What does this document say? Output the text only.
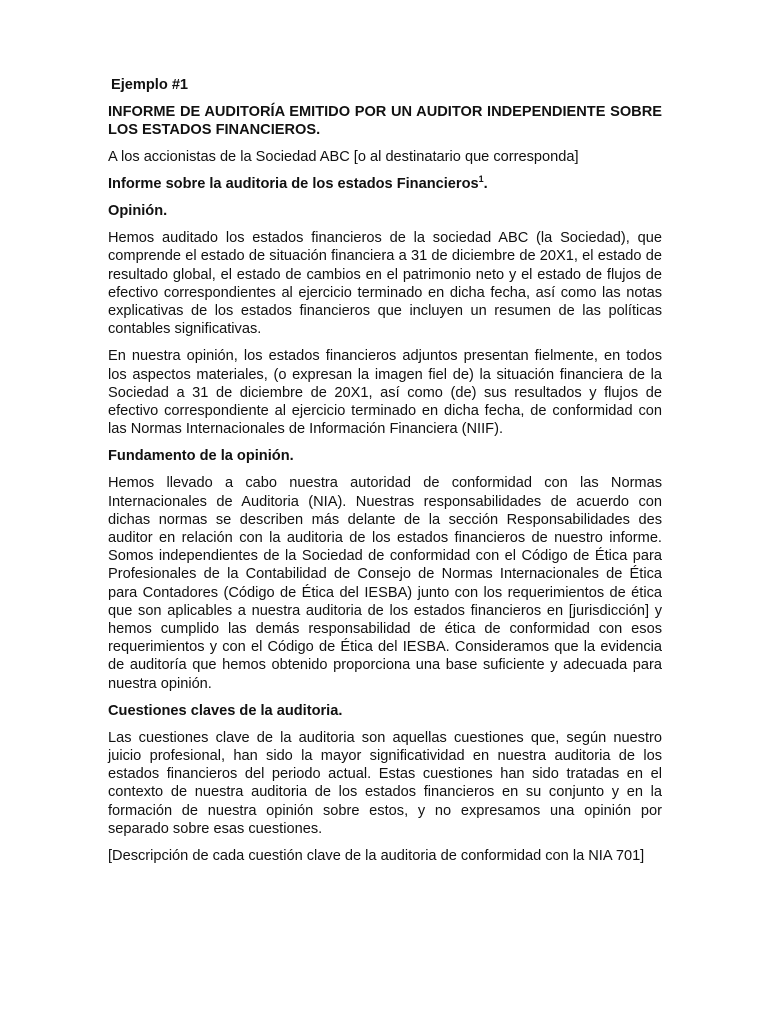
Ejemplo #1
INFORME DE AUDITORÍA EMITIDO POR UN AUDITOR INDEPENDIENTE SOBRE LOS ESTADOS FINANCIEROS.
A los accionistas de la Sociedad ABC [o al destinatario que corresponda]
Informe sobre la auditoria de los estados Financieros$^1$.
Opinión.
Hemos auditado los estados financieros de la sociedad ABC (la Sociedad), que comprende el estado de situación financiera a 31 de diciembre de 20X1, el estado de resultado global, el estado de cambios en el patrimonio neto y el estado de flujos de efectivo correspondientes al ejercicio terminado en dicha fecha, así como las notas explicativas de los estados financieros que incluyen un resumen de las políticas contables significativas.
En nuestra opinión, los estados financieros adjuntos presentan fielmente, en todos los aspectos materiales, (o expresan la imagen fiel de) la situación financiera de la Sociedad a 31 de diciembre de 20X1, así como (de) sus resultados y flujos de efectivo correspondiente al ejercicio terminado en dicha fecha, de conformidad con las Normas Internacionales de Información Financiera (NIIF).
Fundamento de la opinión.
Hemos llevado a cabo nuestra autoridad de conformidad con las Normas Internacionales de Auditoria (NIA). Nuestras responsabilidades de acuerdo con dichas normas se describen más delante de la sección Responsabilidades des auditor en relación con la auditoria de los estados financieros de nuestro informe. Somos independientes de la Sociedad de conformidad con el Código de Ética para Profesionales de la Contabilidad de Consejo de Normas Internacionales de Ética para Contadores (Código de Ética del IESBA) junto con los requerimientos de ética que son aplicables a nuestra auditoria de los estados financieros en [jurisdicción] y hemos cumplido las demás responsabilidad de ética de conformidad con esos requerimientos y con el Código de Ética del IESBA. Consideramos que la evidencia de auditoría que hemos obtenido proporciona una base suficiente y adecuada para nuestra opinión.
Cuestiones claves de la auditoria.
Las cuestiones clave de la auditoria son aquellas cuestiones que, según nuestro juicio profesional, han sido la mayor significatividad en nuestra auditoria de los estados financieros del periodo actual. Estas cuestiones han sido tratadas en el contexto de nuestra auditoria de los estados financieros en su conjunto y en la formación de nuestra opinión sobre estos, y no expresamos una opinión por separado sobre esas cuestiones.
[Descripción de cada cuestión clave de la auditoria de conformidad con la NIA 701]
